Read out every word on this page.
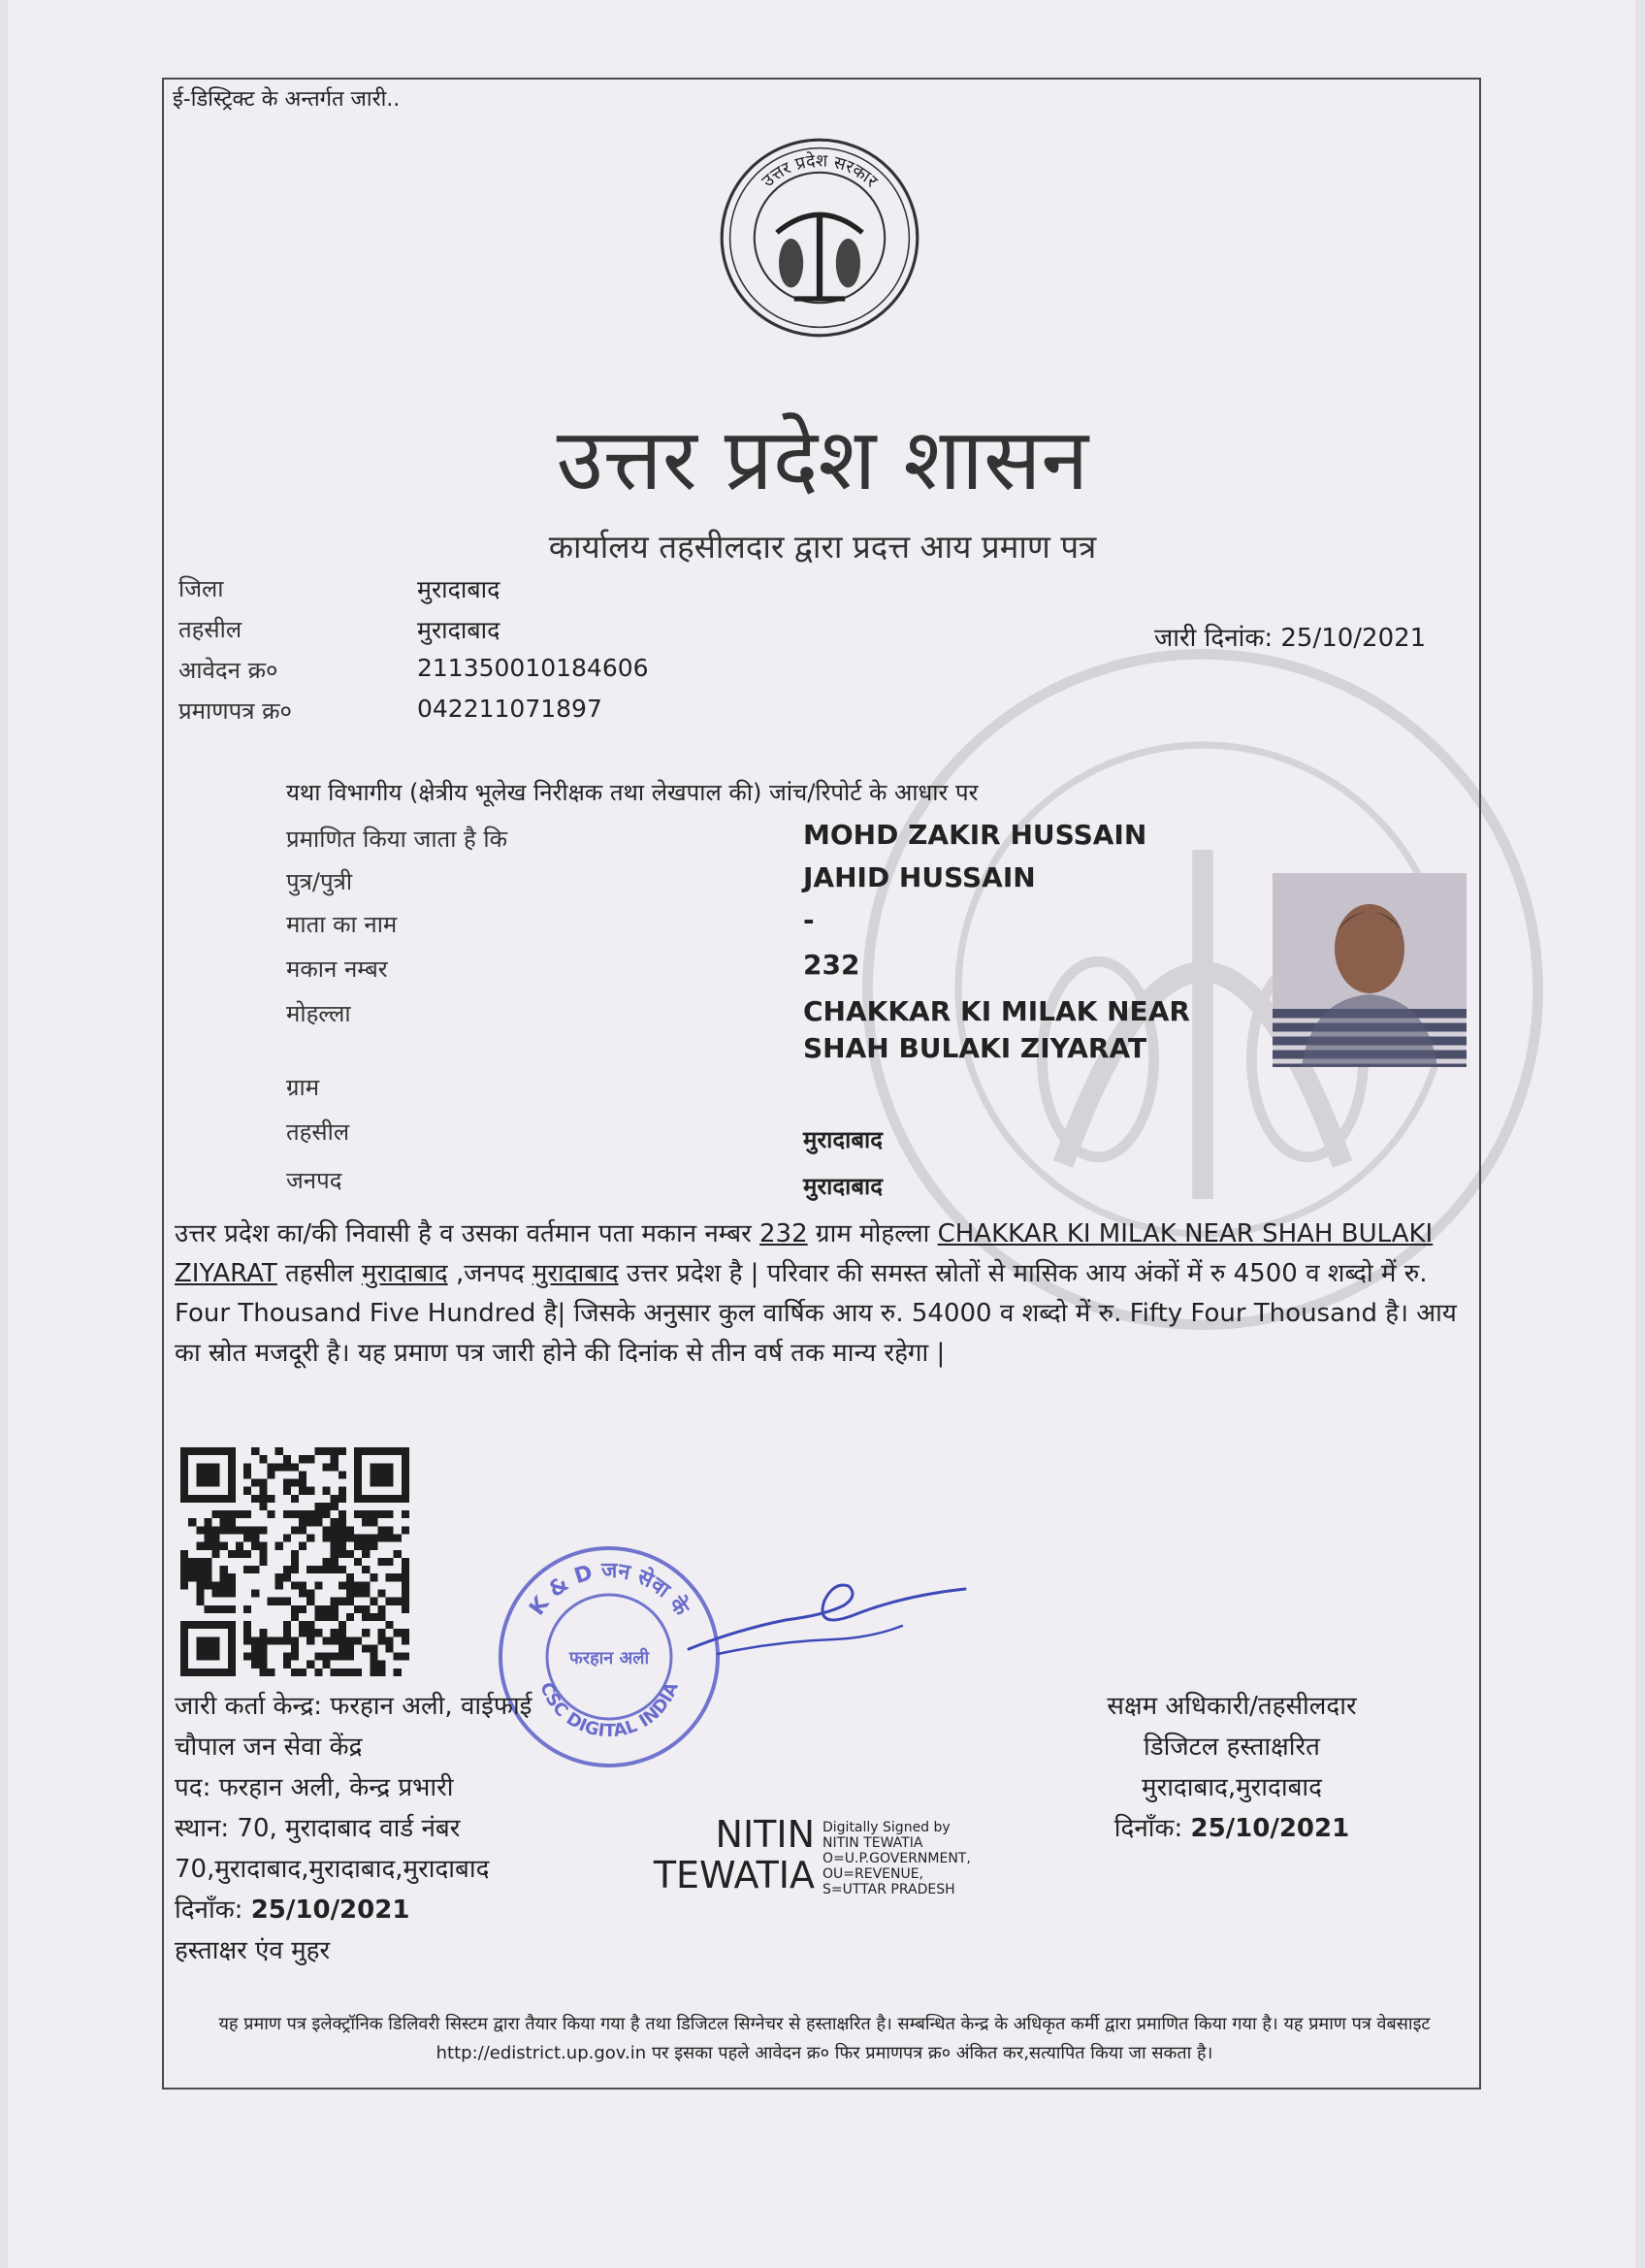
ई-डिस्ट्रिक्ट के अन्तर्गत जारी..
उत्तर प्रदेश सरकार
उत्तर प्रदेश शासन
कार्यालय तहसीलदार द्वारा प्रदत्त आय प्रमाण पत्र
जिला	मुरादाबाद
तहसील	मुरादाबाद
आवेदन क्र०	211350010184606
प्रमाणपत्र क्र०	042211071897
जारी दिनांक: 25/10/2021
यथा विभागीय (क्षेत्रीय भूलेख निरीक्षक तथा लेखपाल की) जांच/रिपोर्ट के आधार पर
प्रमाणित किया जाता है कि	MOHD ZAKIR HUSSAIN
पुत्र/पुत्री	JAHID HUSSAIN
माता का नाम	-
मकान नम्बर	232
मोहल्ला	CHAKKAR KI MILAK NEAR
SHAH BULAKI ZIYARAT
ग्राम
तहसील	मुरादाबाद
जनपद	मुरादाबाद
उत्तर प्रदेश का/की निवासी है व उसका वर्तमान पता मकान नम्बर 232 ग्राम मोहल्ला CHAKKAR KI MILAK NEAR SHAH BULAKI ZIYARAT तहसील मुरादाबाद ,जनपद मुरादाबाद उत्तर प्रदेश है | परिवार की समस्त स्रोतों से मासिक आय अंकों में रु 4500 व शब्दो में रु. Four Thousand Five Hundred है| जिसके अनुसार कुल वार्षिक आय रु. 54000 व शब्दो में रु. Fifty Four Thousand है। आय का स्रोत मजदूरी है। यह प्रमाण पत्र जारी होने की दिनांक से तीन वर्ष तक मान्य रहेगा |
K & D जन सेवा के
CSC DIGITAL INDIA
फरहान अली
जारी कर्ता केन्द्र: फरहान अली, वाईफाई
चौपाल जन सेवा केंद्र
पद: फरहान अली, केन्द्र प्रभारी
स्थान: 70, मुरादाबाद वार्ड नंबर
70,मुरादाबाद,मुरादाबाद,मुरादाबाद
दिनाँक: 25/10/2021
हस्ताक्षर एंव मुहर
NITIN
TEWATIA
Digitally Signed by
NITIN TEWATIA
O=U.P.GOVERNMENT,
OU=REVENUE,
S=UTTAR PRADESH
सक्षम अधिकारी/तहसीलदार
डिजिटल हस्ताक्षरित
मुरादाबाद,मुरादाबाद
दिनाँक: 25/10/2021
यह प्रमाण पत्र इलेक्ट्रॉनिक डिलिवरी सिस्टम द्वारा तैयार किया गया है तथा डिजिटल सिग्नेचर से हस्ताक्षरित है। सम्बन्धित केन्द्र के अधिकृत कर्मी द्वारा प्रमाणित किया गया है। यह प्रमाण पत्र वेबसाइट http://edistrict.up.gov.in पर इसका पहले आवेदन क्र० फिर प्रमाणपत्र क्र० अंकित कर,सत्यापित किया जा सकता है।
